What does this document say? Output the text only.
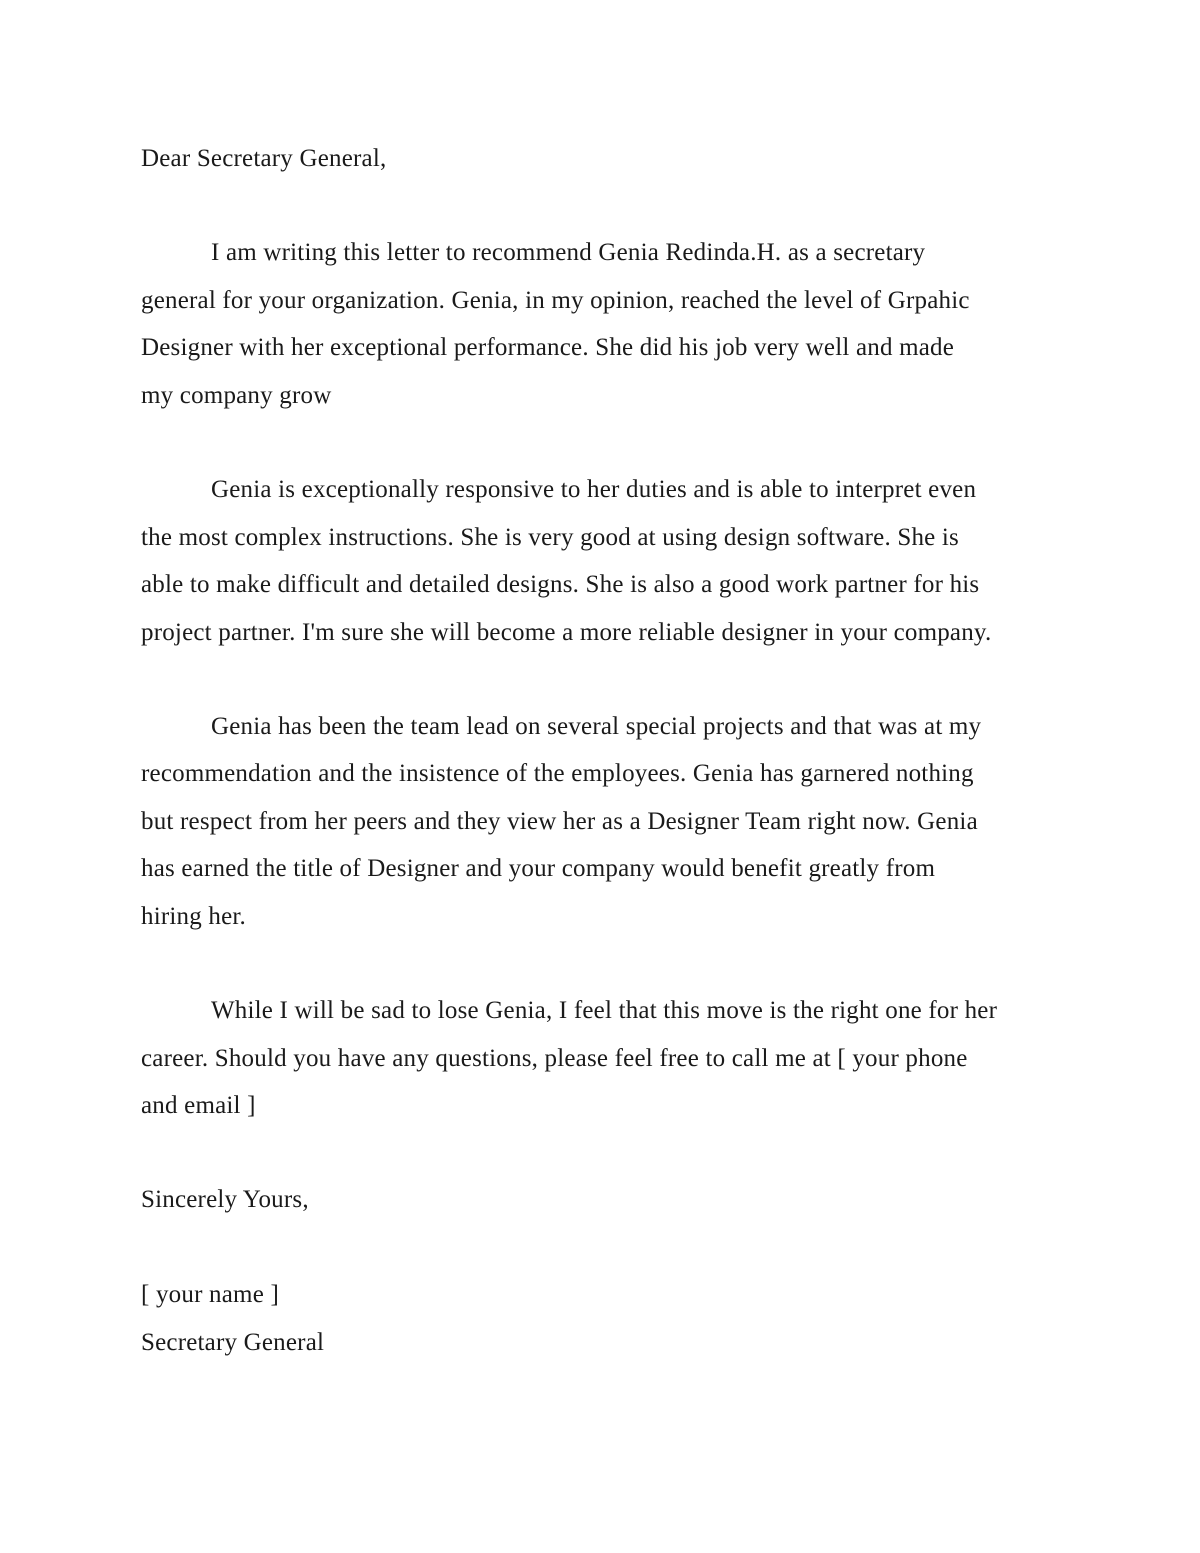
Dear Secretary General,
I am writing this letter to recommend Genia Redinda.H. as a secretary
general for your organization. Genia, in my opinion, reached the level of Grpahic
Designer with her exceptional performance. She did his job very well and made
my company grow
Genia is exceptionally responsive to her duties and is able to interpret even
the most complex instructions. She is very good at using design software. She is
able to make difficult and detailed designs. She is also a good work partner for his
project partner. I'm sure she will become a more reliable designer in your company.
Genia has been the team lead on several special projects and that was at my
recommendation and the insistence of the employees. Genia has garnered nothing
but respect from her peers and they view her as a Designer Team right now. Genia
has earned the title of Designer and your company would benefit greatly from
hiring her.
While I will be sad to lose Genia, I feel that this move is the right one for her
career. Should you have any questions, please feel free to call me at [ your phone
and email ]
Sincerely Yours,
[ your name ]
Secretary General
